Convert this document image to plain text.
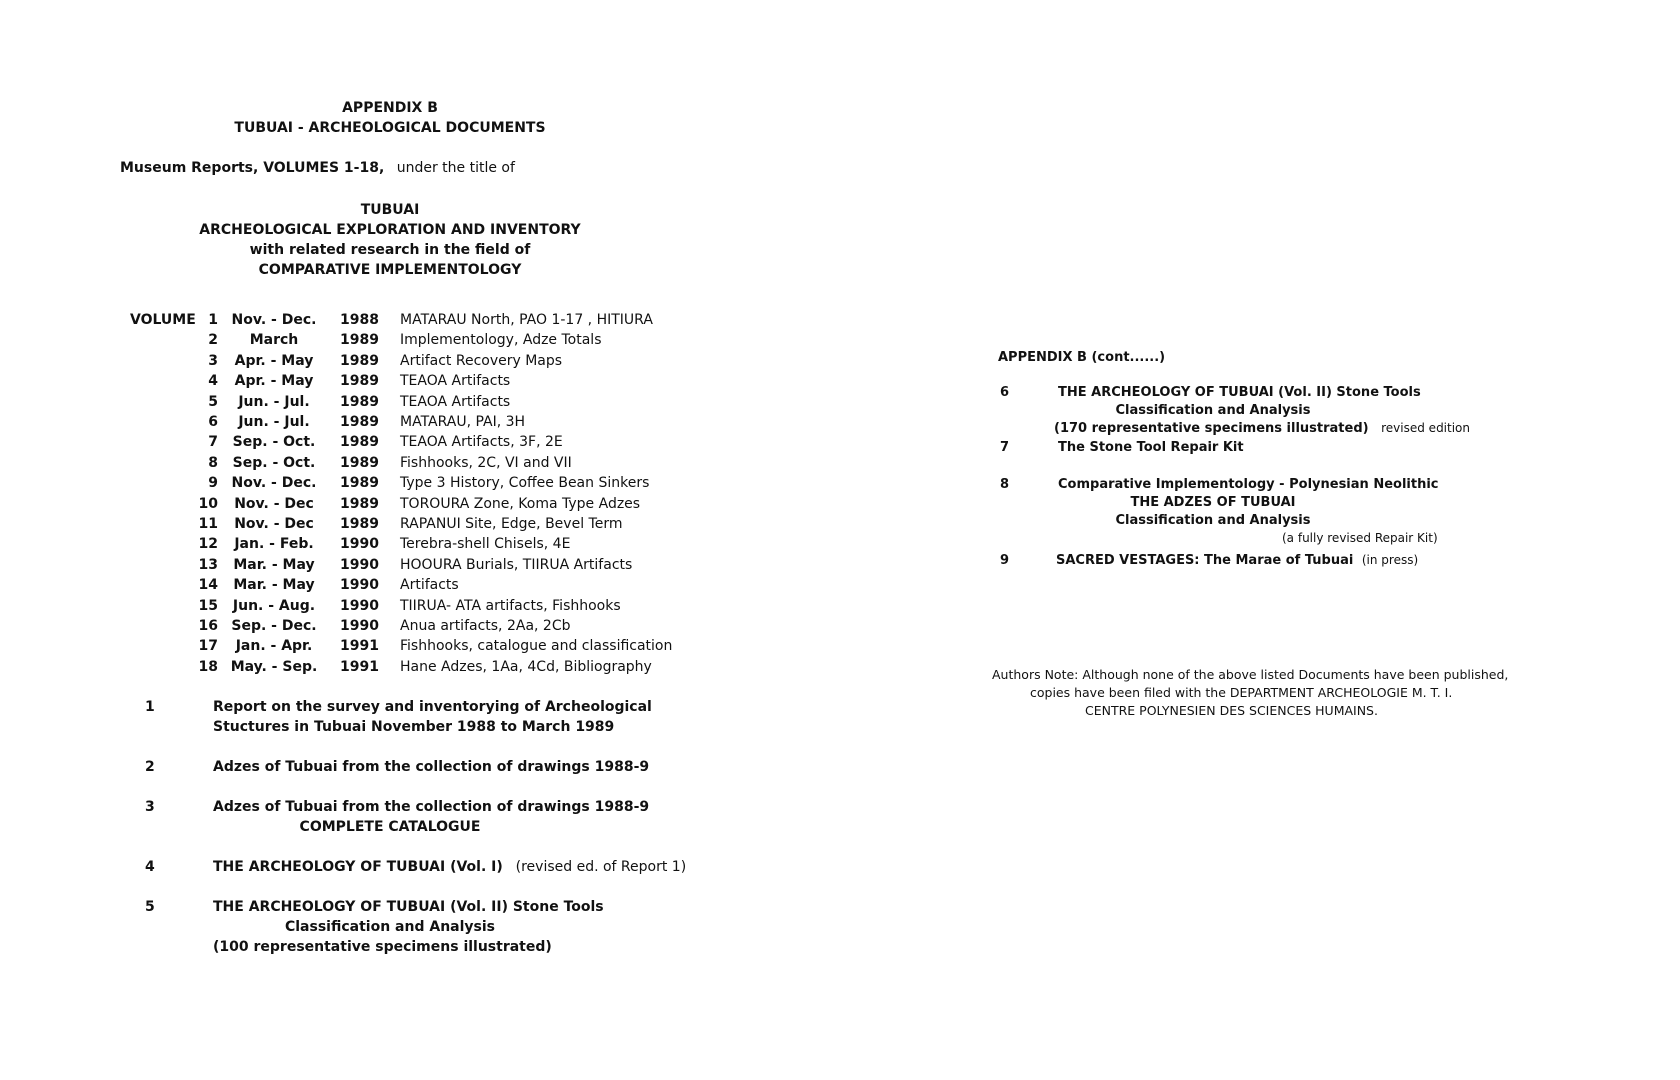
APPENDIX B
TUBUAI - ARCHEOLOGICAL DOCUMENTS
Museum Reports, VOLUMES 1-18, under the title of
TUBUAI
ARCHEOLOGICAL EXPLORATION AND INVENTORY
with related research in the field of
COMPARATIVE IMPLEMENTOLOGY
VOLUME 1 Nov. - Dec.	1988 MATARAU North, PAO 1-17 , HITIURA
2	March	1989 Implementology, Adze Totals
3	Apr. - May	1989 Artifact Recovery Maps
4	Apr. - May	1989 TEAOA Artifacts
5	Jun. - Jul.	1989 TEAOA Artifacts
6	Jun. - Jul.	1989 MATARAU, PAI, 3H
7	Sep. - Oct.	1989 TEAOA Artifacts, 3F, 2E
8	Sep. - Oct.	1989 Fishhooks, 2C, VI and VII
9 Nov. - Dec.	1989 Type 3 History, Coffee Bean Sinkers
10	Nov. - Dec	1989 TOROURA Zone, Koma Type Adzes
11	Nov. - Dec	1989 RAPANUI Site, Edge, Bevel Term
12	Jan. - Feb.	1990 Terebra-shell Chisels, 4E
13	Mar. - May	1990 HOOURA Burials, TIIRUA Artifacts
14	Mar. - May	1990 Artifacts
15	Jun. - Aug.	1990 TIIRUA- ATA artifacts, Fishhooks
16 Sep. - Dec.	1990 Anua artifacts, 2Aa, 2Cb
17	Jan. - Apr.	1991 Fishhooks, catalogue and classification
18 May. - Sep.	1991 Hane Adzes, 1Aa, 4Cd, Bibliography
1	Report on the survey and inventorying of Archeological
Stuctures in Tubuai November 1988 to March 1989
2	Adzes of Tubuai from the collection of drawings 1988-9
3	Adzes of Tubuai from the collection of drawings 1988-9
COMPLETE CATALOGUE
4	THE ARCHEOLOGY OF TUBUAI (Vol. I) (revised ed. of Report 1)
5	THE ARCHEOLOGY OF TUBUAI (Vol. II) Stone Tools
Classification and Analysis
(100 representative specimens illustrated)
APPENDIX B (cont......)
6	THE ARCHEOLOGY OF TUBUAI (Vol. II) Stone Tools
Classification and Analysis
(170 representative specimens illustrated) revised edition
7	The Stone Tool Repair Kit
8	Comparative Implementology - Polynesian Neolithic
THE ADZES OF TUBUAI
Classification and Analysis
(a fully revised Repair Kit)
9	SACRED VESTAGES: The Marae of Tubuai (in press)
Authors Note: Although none of the above listed Documents have been published,
copies have been filed with the DEPARTMENT ARCHEOLOGIE M. T. I.
CENTRE POLYNESIEN DES SCIENCES HUMAINS.
